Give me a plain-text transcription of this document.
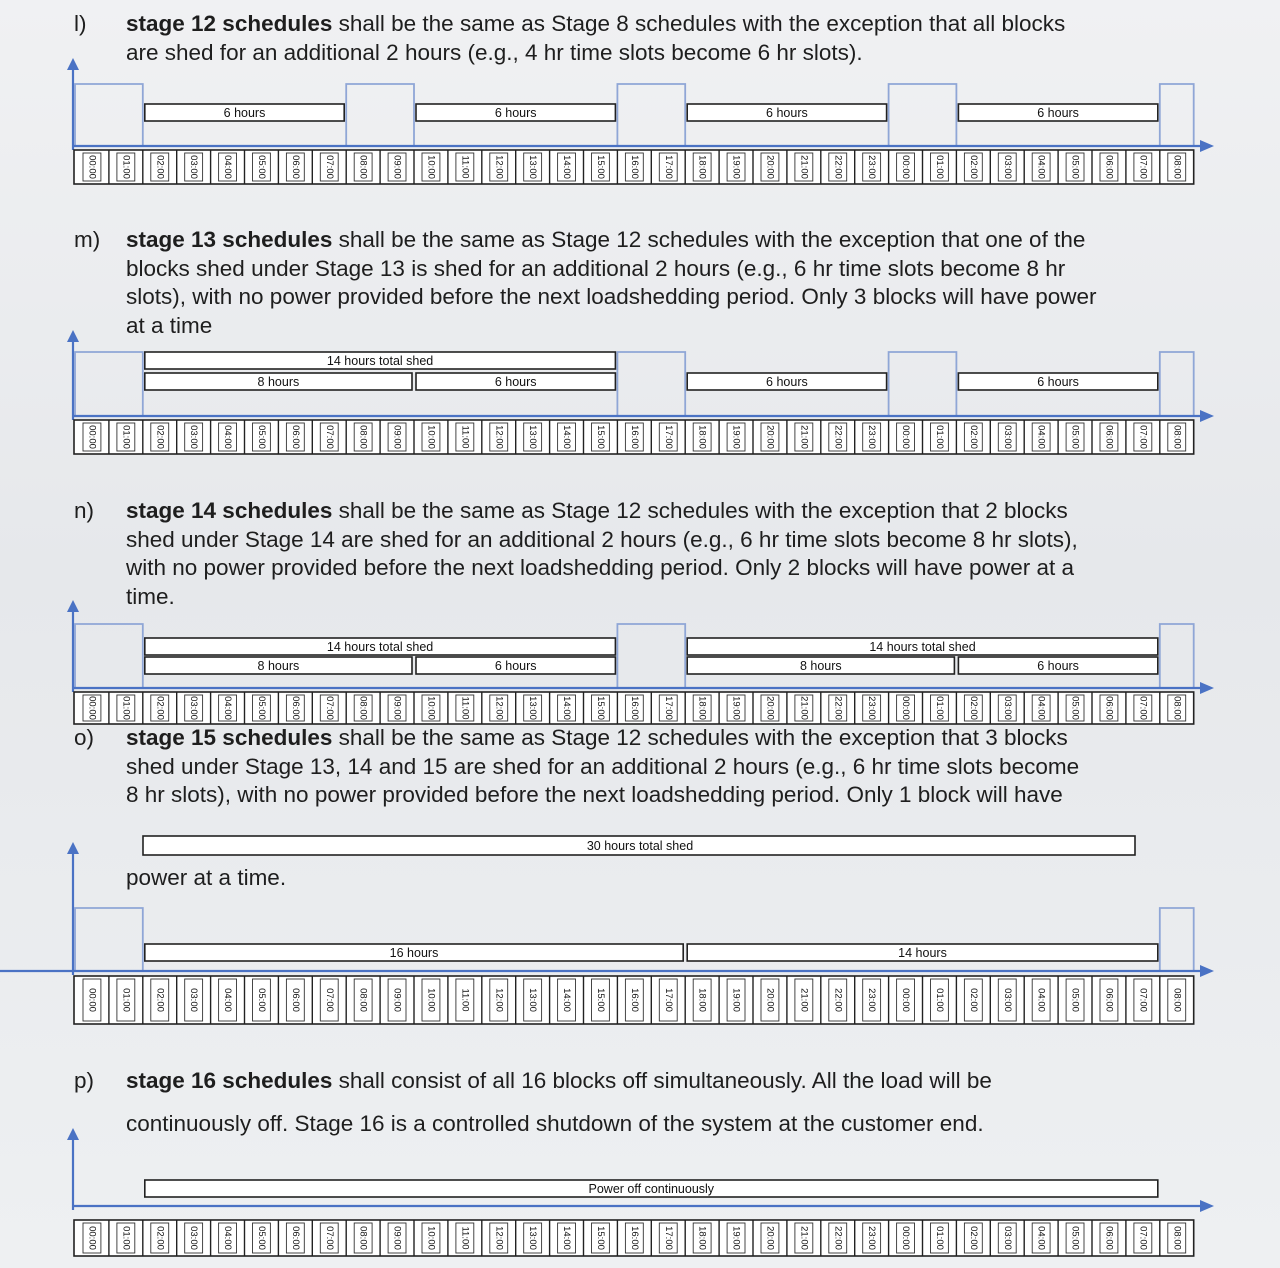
l) stage 12 schedules shall be the same as Stage 8 schedules with the exception that all blocks
are shed for an additional 2 hours (e.g., 4 hr time slots become 6 hr slots).
00:00 01:00 02:00 03:00 04:00 05:00 06:00 07:00 08:00 09:00 10:00 11:00 12:00 13:00 14:00 15:00 16:00 17:00 18:00 19:00 20:00 21:00 22:00 23:00 00:00 01:00 02:00 03:00 04:00 05:00 06:00 07:00 08:00
6 hours	6 hours	6 hours	6 hours
m) stage 13 schedules shall be the same as Stage 12 schedules with the exception that one of the
blocks shed under Stage 13 is shed for an additional 2 hours (e.g., 6 hr time slots become 8 hr
slots), with no power provided before the next loadshedding period. Only 3 blocks will have power
at a time
00:00 01:00 02:00 03:00 04:00 05:00 06:00 07:00 08:00 09:00 10:00 11:00 12:00 13:00 14:00 15:00 16:00 17:00 18:00 19:00 20:00 21:00 22:00 23:00 00:00 01:00 02:00 03:00 04:00 05:00 06:00 07:00 08:00
14 hours total shed
8 hours	6 hours	6 hours	6 hours
n) stage 14 schedules shall be the same as Stage 12 schedules with the exception that 2 blocks
shed under Stage 14 are shed for an additional 2 hours (e.g., 6 hr time slots become 8 hr slots),
with no power provided before the next loadshedding period. Only 2 blocks will have power at a
time.
00:00 01:00 02:00 03:00 04:00 05:00 06:00 07:00 08:00 09:00 10:00 11:00 12:00 13:00 14:00 15:00 16:00 17:00 18:00 19:00 20:00 21:00 22:00 23:00 00:00 01:00 02:00 03:00 04:00 05:00 06:00 07:00 08:00
14 hours total shed
8 hours	6 hours
14 hours total shed
8 hours	6 hours
o) stage 15 schedules shall be the same as Stage 12 schedules with the exception that 3 blocks
shed under Stage 13, 14 and 15 are shed for an additional 2 hours (e.g., 6 hr time slots become
8 hr slots), with no power provided before the next loadshedding period. Only 1 block will have
00:00 01:00 02:00 03:00 04:00 05:00 06:00 07:00 08:00 09:00 10:00 11:00 12:00 13:00 14:00 15:00 16:00 17:00 18:00 19:00 20:00 21:00 22:00 23:00 00:00 01:00 02:00 03:00 04:00 05:00 06:00 07:00 08:00
30 hours total shed
16 hours	14 hours
power at a time.
p) stage 16 schedules shall consist of all 16 blocks off simultaneously. All the load will be
continuously off. Stage 16 is a controlled shutdown of the system at the customer end.
00:00 01:00 02:00 03:00 04:00 05:00 06:00 07:00 08:00 09:00 10:00 11:00 12:00 13:00 14:00 15:00 16:00 17:00 18:00 19:00 20:00 21:00 22:00 23:00 00:00 01:00 02:00 03:00 04:00 05:00 06:00 07:00 08:00
Power off continuously
